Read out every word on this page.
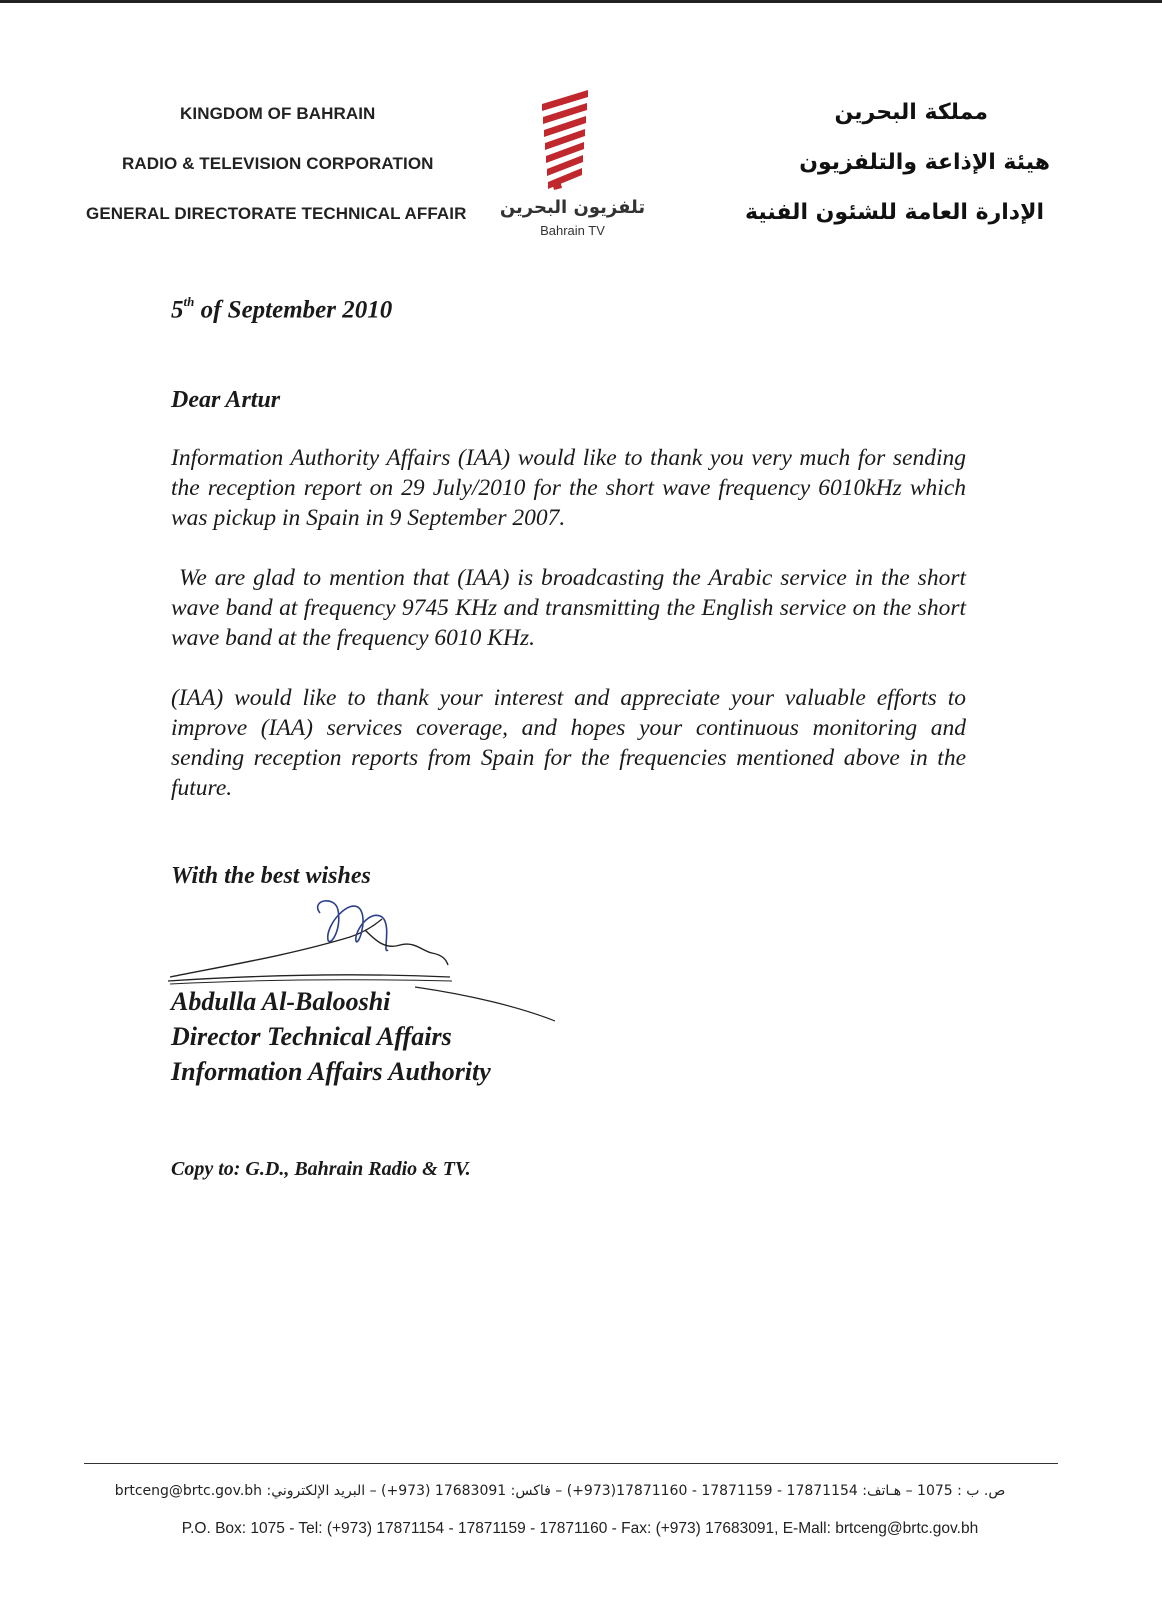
KINGDOM OF BAHRAIN
RADIO & TELEVISION CORPORATION
GENERAL DIRECTORATE TECHNICAL AFFAIR تلفزيون البحرين
Bahrain TV
مملكة البحرين
هيئة الإذاعة والتلفزيون
الإدارة العامة للشئون الفنية
5th of September 2010
Dear Artur
Information Authority Affairs (IAA) would like to thank you very much for sending the reception report on 29 July/2010 for the short wave frequency 6010kHz which was pickup in Spain in 9 September 2007.
We are glad to mention that (IAA) is broadcasting the Arabic service in the short wave band at frequency 9745 KHz and transmitting the English service on the short wave band at the frequency 6010 KHz.
(IAA) would like to thank your interest and appreciate your valuable efforts to improve (IAA) services coverage, and hopes your continuous monitoring and sending reception reports from Spain for the frequencies mentioned above in the future.
With the best wishes
Abdulla Al-Balooshi
Director Technical Affairs
Information Affairs Authority
Copy to: G.D., Bahrain Radio & TV.
ص. ب : 1075 – هـاتف: 17871154 - 17871159 - 17871160(973+) – فاكس: 17683091 (973+) – البريد الإلكتروني: brtceng@brtc.gov.bh
P.O. Box: 1075 - Tel: (+973) 17871154 - 17871159 - 17871160 - Fax: (+973) 17683091, E-Mall: brtceng@brtc.gov.bh
